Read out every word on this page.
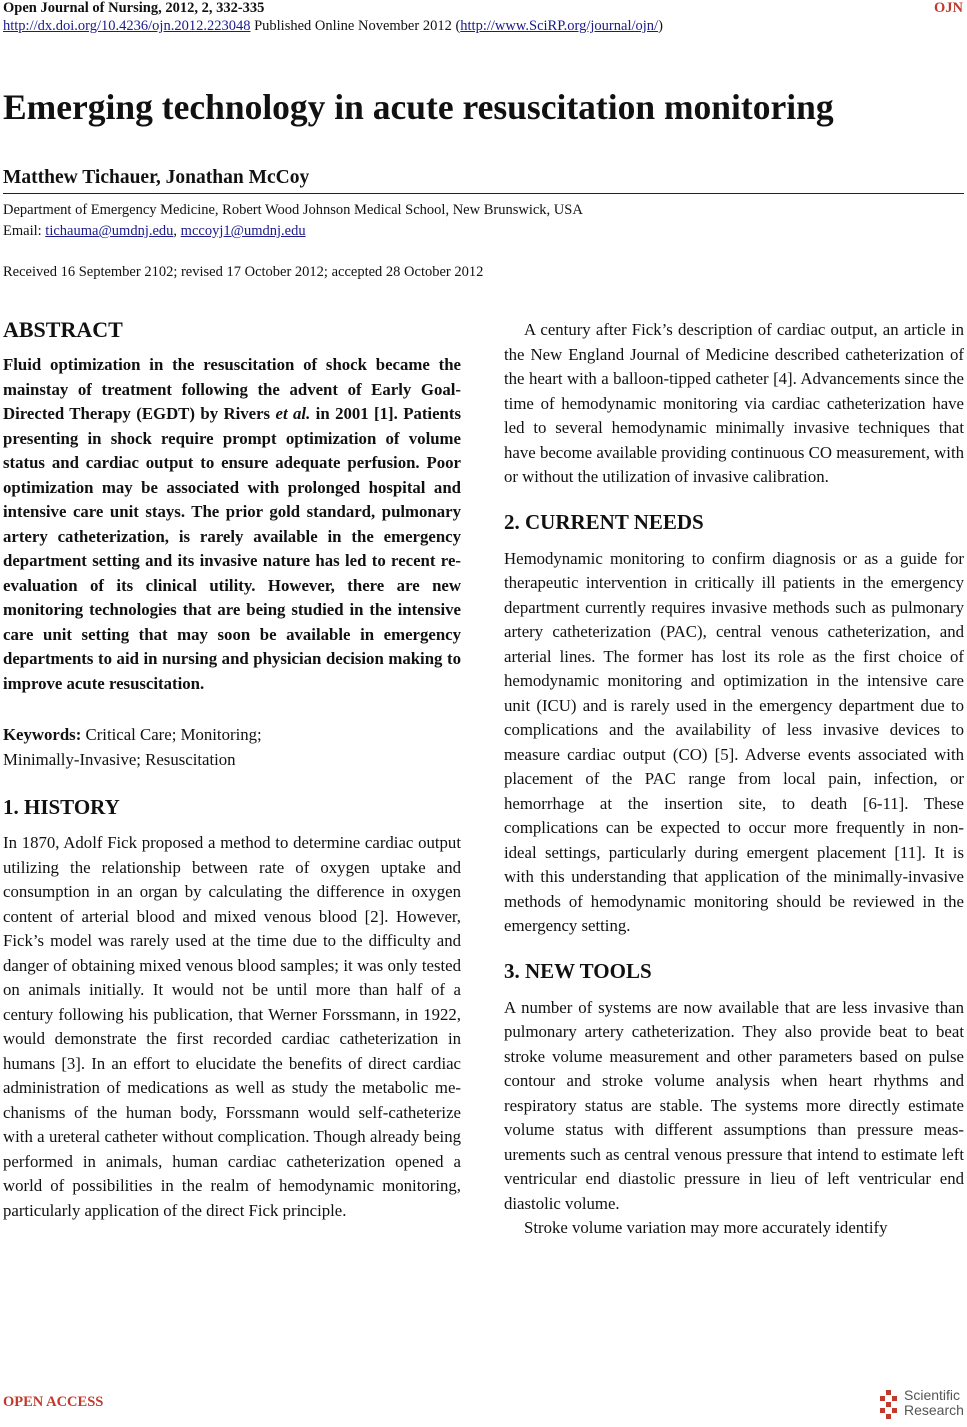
Open Journal of Nursing, 2012, 2, 332-335	OJN
http://dx.doi.org/10.4236/ojn.2012.223048 Published Online November 2012 (http://www.SciRP.org/journal/ojn/)
Emerging technology in acute resuscitation monitoring
Matthew Tichauer, Jonathan McCoy
Department of Emergency Medicine, Robert Wood Johnson Medical School, New Brunswick, USA
Email: tichauma@umdnj.edu, mccoyj1@umdnj.edu
Received 16 September 2102; revised 17 October 2012; accepted 28 October 2012
ABSTRACT

Fluid optimization in the resuscitation of shock became the mainstay of treatment following the advent of Early Goal-Directed Therapy (EGDT) by Rivers et al. in 2001 [1]. Patients presenting in shock require prompt optimization of volume status and cardiac output to ensure adequate perfusion. Poor optimization may be associated with prolonged hospital and intensive care unit stays. The prior gold standard, pulmonary artery catheterization, is rarely available in the emergency department setting and its invasive nature has led to recent re-evaluation of its clinical utility. However, there are new monitoring technologies that are being studied in the intensive care unit setting that may soon be available in emergency departments to aid in nursing and physician decision making to improve acute resuscitation.

Keywords: Critical Care; Monitoring;
Minimally-Invasive; Resuscitation

1. HISTORY

In 1870, Adolf Fick proposed a method to determine cardiac output utilizing the relationship between rate of oxygen uptake and consumption in an organ by calculating the difference in oxygen content of arterial blood and mixed venous blood [2]. However, Fick’s model was rarely used at the time due to the difficulty and danger of obtaining mixed venous blood samples; it was only tested on animals initially. It would not be until more than half of a century following his publication, that Werner Forssmann, in 1922, would demonstrate the first recorded cardiac catheterization in humans [3]. In an effort to elucidate the benefits of direct cardiac administration of medications as well as study the metabolic mechanisms of the human body, Forssmann would self-catheterize with a ureteral catheter without complication. Though already being performed in animals, human cardiac catheterization opened a world of possibilities in the realm of hemodynamic monitoring, particularly application of the direct Fick principle.

A century after Fick’s description of cardiac output, an article in the New England Journal of Medicine described catheterization of the heart with a balloon-tipped catheter [4]. Advancements since the time of hemodynamic monitoring via cardiac catheterization have led to several hemodynamic minimally invasive techniques that have become available providing continuous CO measurement, with or without the utilization of invasive calibration.

2. CURRENT NEEDS

Hemodynamic monitoring to confirm diagnosis or as a guide for therapeutic intervention in critically ill patients in the emergency department currently requires invasive methods such as pulmonary artery catheterization (PAC), central venous catheterization, and arterial lines. The former has lost its role as the first choice of hemodynamic monitoring and optimization in the intensive care unit (ICU) and is rarely used in the emergency department due to complications and the availability of less invasive devices to measure cardiac output (CO) [5]. Adverse events associated with placement of the PAC range from local pain, infection, or hemorrhage at the insertion site, to death [6-11]. These complications can be expected to occur more frequently in non-ideal settings, particularly during emergent placement [11]. It is with this understanding that application of the minimally-invasive methods of hemodynamic monitoring should be reviewed in the emergency setting.

3. NEW TOOLS

A number of systems are now available that are less invasive than pulmonary artery catheterization. They also provide beat to beat stroke volume measurement and other parameters based on pulse contour and stroke volume analysis when heart rhythms and respiratory status are stable. The systems more directly estimate volume status with different assumptions than pressure measurements such as central venous pressure that intend to estimate left ventricular end diastolic pressure in lieu of left ventricular end diastolic volume.

Stroke volume variation may more accurately identify

OPEN ACCESS	Scientific
Research
